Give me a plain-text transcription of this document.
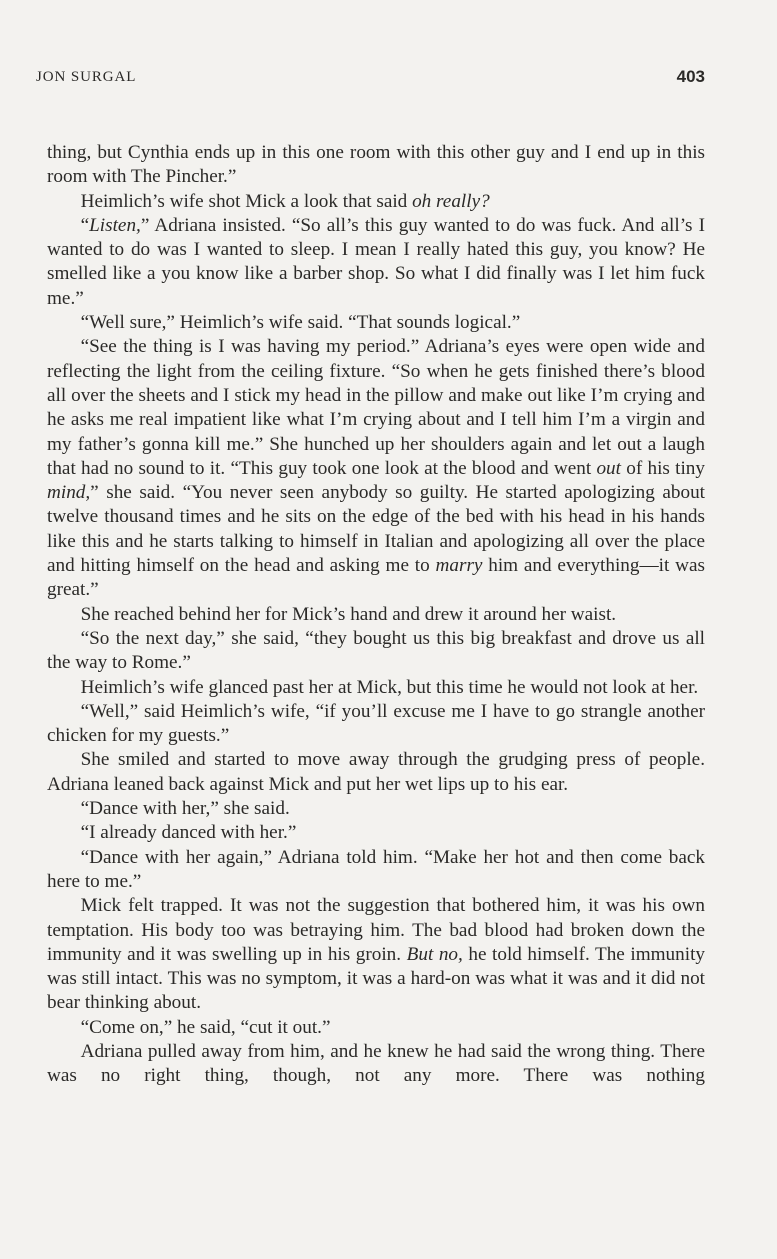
JON SURGAL	403

thing, but Cynthia ends up in this one room with this other guy and I end up in this room with The Pincher.”

Heimlich’s wife shot Mick a look that said oh really?

“Listen,” Adriana insisted. “So all’s this guy wanted to do was fuck. And all’s I wanted to do was I wanted to sleep. I mean I really hated this guy, you know? He smelled like a you know like a barber shop. So what I did finally was I let him fuck me.”

“Well sure,” Heimlich’s wife said. “That sounds logical.”

“See the thing is I was having my period.” Adriana’s eyes were open wide and reflecting the light from the ceiling fixture. “So when he gets finished there’s blood all over the sheets and I stick my head in the pillow and make out like I’m crying and he asks me real impatient like what I’m crying about and I tell him I’m a virgin and my father’s gonna kill me.” She hunched up her shoulders again and let out a laugh that had no sound to it. “This guy took one look at the blood and went out of his tiny mind,” she said. “You never seen anybody so guilty. He started apologizing about twelve thousand times and he sits on the edge of the bed with his head in his hands like this and he starts talking to himself in Italian and apologizing all over the place and hitting himself on the head and asking me to marry him and everything—it was great.”

She reached behind her for Mick’s hand and drew it around her waist.

“So the next day,” she said, “they bought us this big breakfast and drove us all the way to Rome.”

Heimlich’s wife glanced past her at Mick, but this time he would not look at her.

“Well,” said Heimlich’s wife, “if you’ll excuse me I have to go strangle another chicken for my guests.”

She smiled and started to move away through the grudging press of people. Adriana leaned back against Mick and put her wet lips up to his ear.

“Dance with her,” she said.

“I already danced with her.”

“Dance with her again,” Adriana told him. “Make her hot and then come back here to me.”

Mick felt trapped. It was not the suggestion that bothered him, it was his own temptation. His body too was betraying him. The bad blood had broken down the immunity and it was swelling up in his groin. But no, he told himself. The immunity was still intact. This was no symptom, it was a hard-on was what it was and it did not bear thinking about.

“Come on,” he said, “cut it out.”

Adriana pulled away from him, and he knew he had said the wrong thing. There was no right thing, though, not any more. There was nothing
